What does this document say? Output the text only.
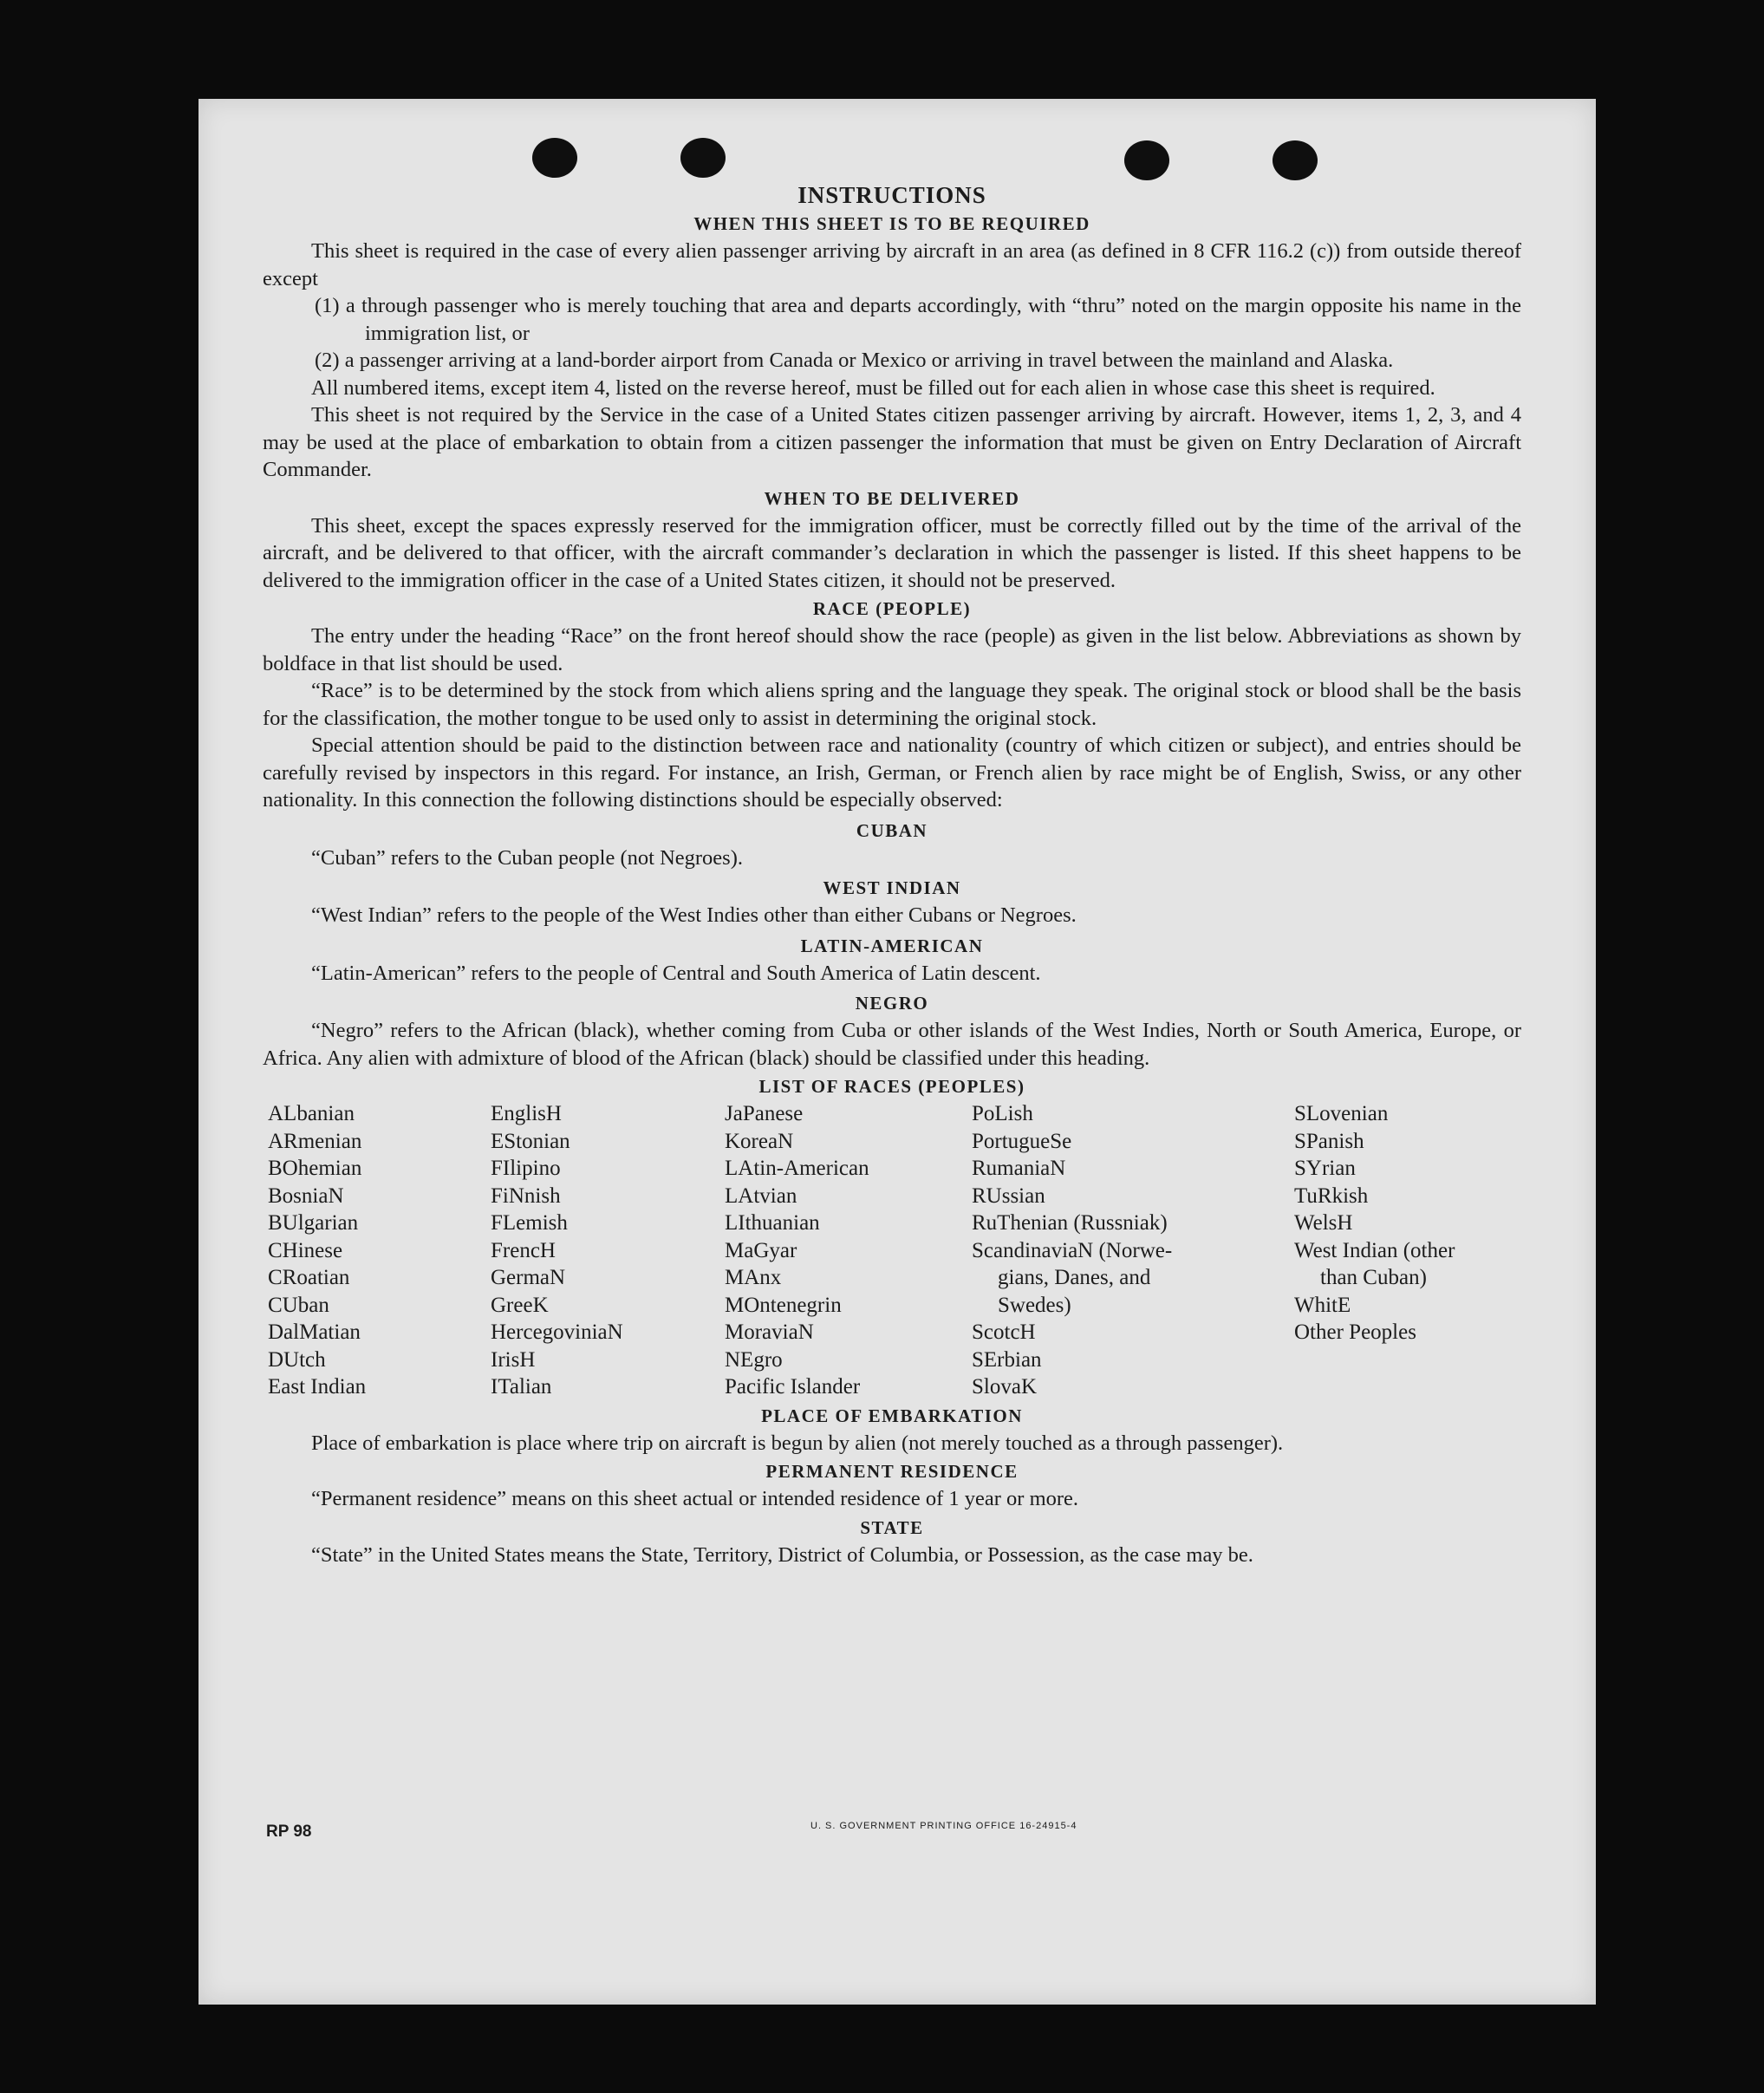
INSTRUCTIONS
WHEN THIS SHEET IS TO BE REQUIRED

This sheet is required in the case of every alien passenger arriving by aircraft in an area (as defined in 8 CFR 116.2 (c)) from outside thereof except

(1) a through passenger who is merely touching that area and departs accordingly, with “thru” noted on the margin opposite his name in the immigration list, or

(2) a passenger arriving at a land-border airport from Canada or Mexico or arriving in travel between the mainland and Alaska.

All numbered items, except item 4, listed on the reverse hereof, must be filled out for each alien in whose case this sheet is required.

This sheet is not required by the Service in the case of a United States citizen passenger arriving by aircraft. However, items 1, 2, 3, and 4 may be used at the place of embarkation to obtain from a citizen passenger the information that must be given on Entry Declaration of Aircraft Commander.

WHEN TO BE DELIVERED

This sheet, except the spaces expressly reserved for the immigration officer, must be correctly filled out by the time of the arrival of the aircraft, and be delivered to that officer, with the aircraft commander’s declaration in which the passenger is listed. If this sheet happens to be delivered to the immigration officer in the case of a United States citizen, it should not be preserved.

RACE (PEOPLE)

The entry under the heading “Race” on the front hereof should show the race (people) as given in the list below. Abbreviations as shown by boldface in that list should be used.

“Race” is to be determined by the stock from which aliens spring and the language they speak. The original stock or blood shall be the basis for the classification, the mother tongue to be used only to assist in determining the original stock.

Special attention should be paid to the distinction between race and nationality (country of which citizen or subject), and entries should be carefully revised by inspectors in this regard. For instance, an Irish, German, or French alien by race might be of English, Swiss, or any other nationality. In this connection the following distinctions should be especially observed:

CUBAN

“Cuban” refers to the Cuban people (not Negroes).

WEST INDIAN

“West Indian” refers to the people of the West Indies other than either Cubans or Negroes.

LATIN-AMERICAN

“Latin-American” refers to the people of Central and South America of Latin descent.

NEGRO

“Negro” refers to the African (black), whether coming from Cuba or other islands of the West Indies, North or South America, Europe, or Africa. Any alien with admixture of blood of the African (black) should be classified under this heading.

LIST OF RACES (PEOPLES)
ALbanian
ARmenian
BOhemian
BosniaN
BUlgarian
CHinese
CRoatian
CUban
DalMatian
DUtch
East Indian
EnglisH
EStonian
FIlipino
FiNnish
FLemish
FrencH
GermaN
GreeK
HercegoviniaN
IrisH
ITalian
JaPanese
KoreaN
LAtin-American
LAtvian
LIthuanian
MaGyar
MAnx
MOntenegrin
MoraviaN
NEgro
Pacific Islander
PoLish
PortugueSe
RumaniaN
RUssian
RuThenian (Russniak)
ScandinaviaN (Norwe-
gians, Danes, and
Swedes)
ScotcH
SErbian
SlovaK
SLovenian
SPanish
SYrian
TuRkish
WelsH
West Indian (other
than Cuban)
WhitE
Other Peoples
PLACE OF EMBARKATION

Place of embarkation is place where trip on aircraft is begun by alien (not merely touched as a through passenger).

PERMANENT RESIDENCE

“Permanent residence” means on this sheet actual or intended residence of 1 year or more.

STATE

“State” in the United States means the State, Territory, District of Columbia, or Possession, as the case may be.

RP 98	U. S. GOVERNMENT PRINTING OFFICE 16-24915-4
